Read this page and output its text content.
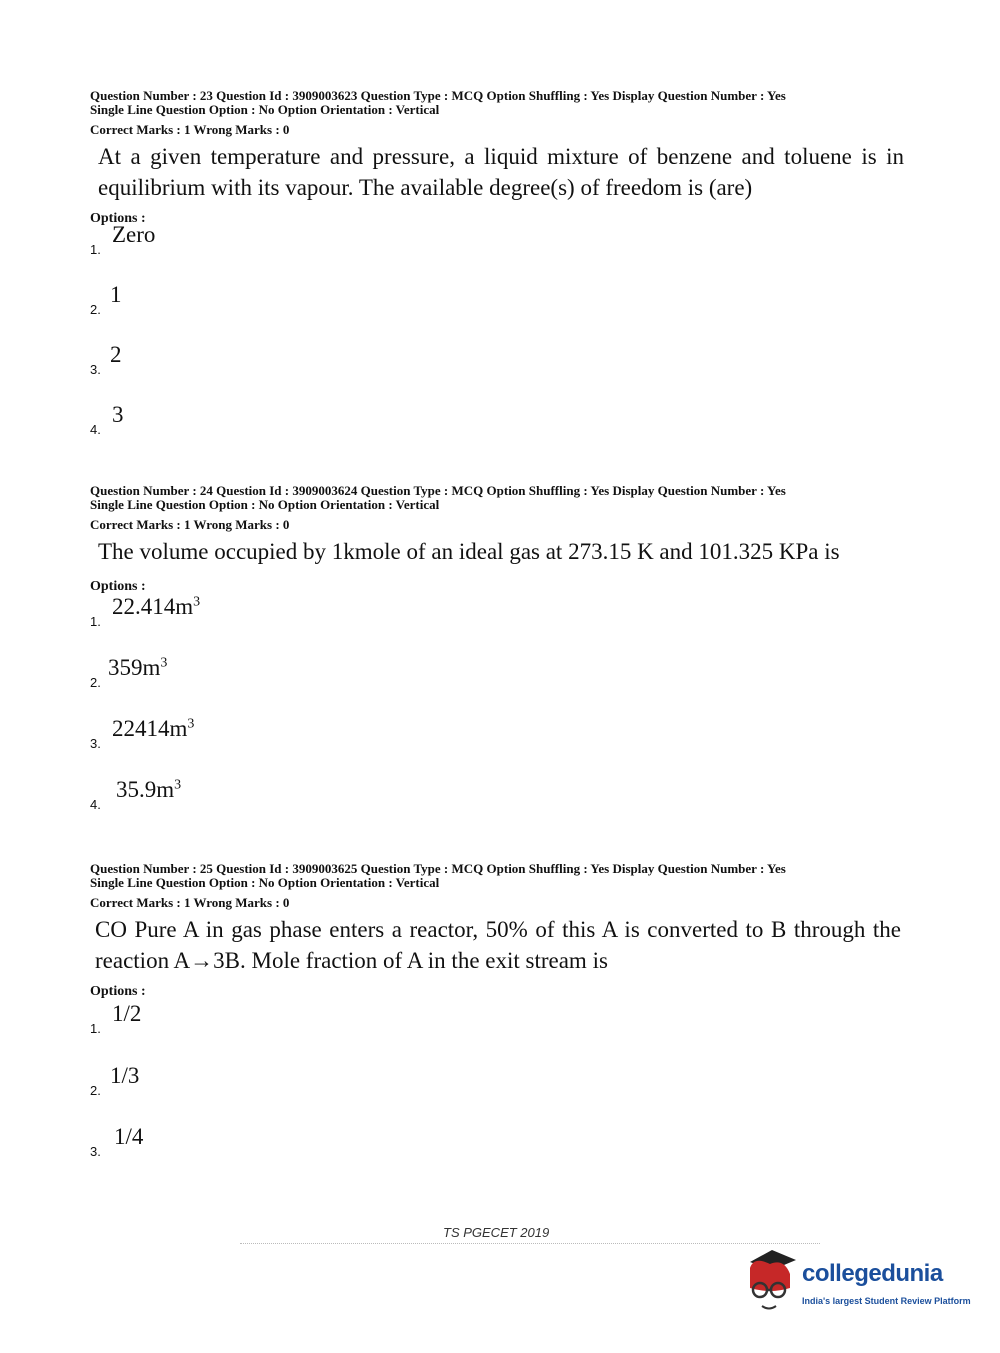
Question Number : 23 Question Id : 3909003623 Question Type : MCQ Option Shuffling : Yes Display Question Number : Yes

Single Line Question Option : No Option Orientation : Vertical

Correct Marks : 1 Wrong Marks : 0
At a given temperature and pressure, a liquid mixture of benzene and toluene is in equilibrium with its vapour. The available degree(s) of freedom is (are)
Options :
1.
Zero
2.
1
3.
2
4.
3

Question Number : 24 Question Id : 3909003624 Question Type : MCQ Option Shuffling : Yes Display Question Number : Yes

Single Line Question Option : No Option Orientation : Vertical

Correct Marks : 1 Wrong Marks : 0
The volume occupied by 1kmole of an ideal gas at 273.15 K and 101.325 KPa is
Options :
1.
$22.414m^3$
2.
$359m^3$
3.
$22414m^3$
4.
$35.9m^3$

Question Number : 25 Question Id : 3909003625 Question Type : MCQ Option Shuffling : Yes Display Question Number : Yes

Single Line Question Option : No Option Orientation : Vertical

Correct Marks : 1 Wrong Marks : 0
CO Pure A in gas phase enters a reactor, 50% of this A is converted to B through the reaction A→3B. Mole fraction of A in the exit stream is
Options :
1.
1/2
2.
1/3
3.
1/4
TS PGECET 2019
collegedunia
India's largest Student Review Platform
